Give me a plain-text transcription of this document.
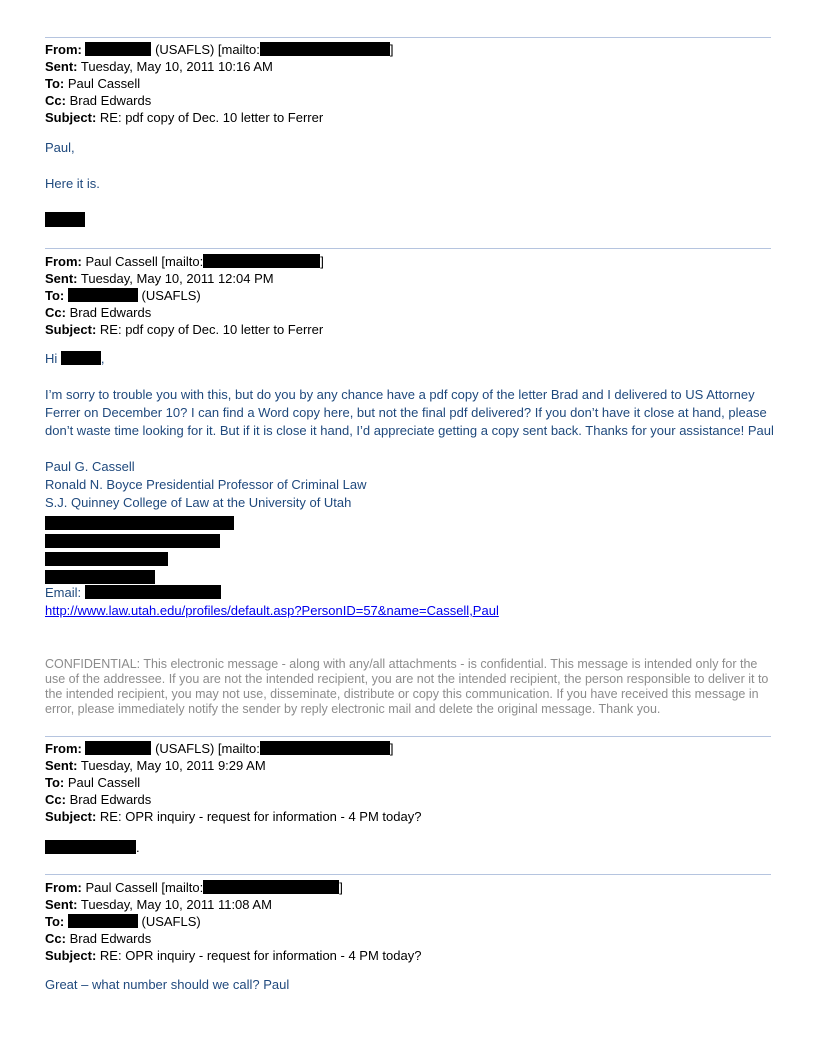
From:	(USAFLS) [mailto:	]
Sent: Tuesday, May 10, 2011 10:16 AM
To: Paul Cassell
Cc: Brad Edwards
Subject: RE: pdf copy of Dec. 10 letter to Ferrer
Paul,
Here it is.
From: Paul Cassell [mailto:	]
Sent: Tuesday, May 10, 2011 12:04 PM
To:	(USAFLS)
Cc: Brad Edwards
Subject: RE: pdf copy of Dec. 10 letter to Ferrer
Hi	,
I’m sorry to trouble you with this, but do you by any chance have a pdf copy of the letter Brad and I delivered to US Attorney Ferrer on December 10? I can find a Word copy here, but not the final pdf delivered? If you don’t have it close at hand, please don’t waste time looking for it. But if it is close it hand, I’d appreciate getting a copy sent back. Thanks for your assistance! Paul
Paul G. Cassell
Ronald N. Boyce Presidential Professor of Criminal Law
S.J. Quinney College of Law at the University of Utah
Email:
http://www.law.utah.edu/profiles/default.asp?PersonID=57&name=Cassell,Paul
CONFIDENTIAL: This electronic message - along with any/all attachments - is confidential. This message is intended only for the use of the addressee. If you are not the intended recipient, you are not the intended recipient, the person responsible to deliver it to the intended recipient, you may not use, disseminate, distribute or copy this communication. If you have received this message in error, please immediately notify the sender by reply electronic mail and delete the original message. Thank you.
From:	(USAFLS) [mailto:	]
Sent: Tuesday, May 10, 2011 9:29 AM
To: Paul Cassell
Cc: Brad Edwards
Subject: RE: OPR inquiry - request for information - 4 PM today?
.
From: Paul Cassell [mailto:	]
Sent: Tuesday, May 10, 2011 11:08 AM
To:	(USAFLS)
Cc: Brad Edwards
Subject: RE: OPR inquiry - request for information - 4 PM today?
Great – what number should we call? Paul
